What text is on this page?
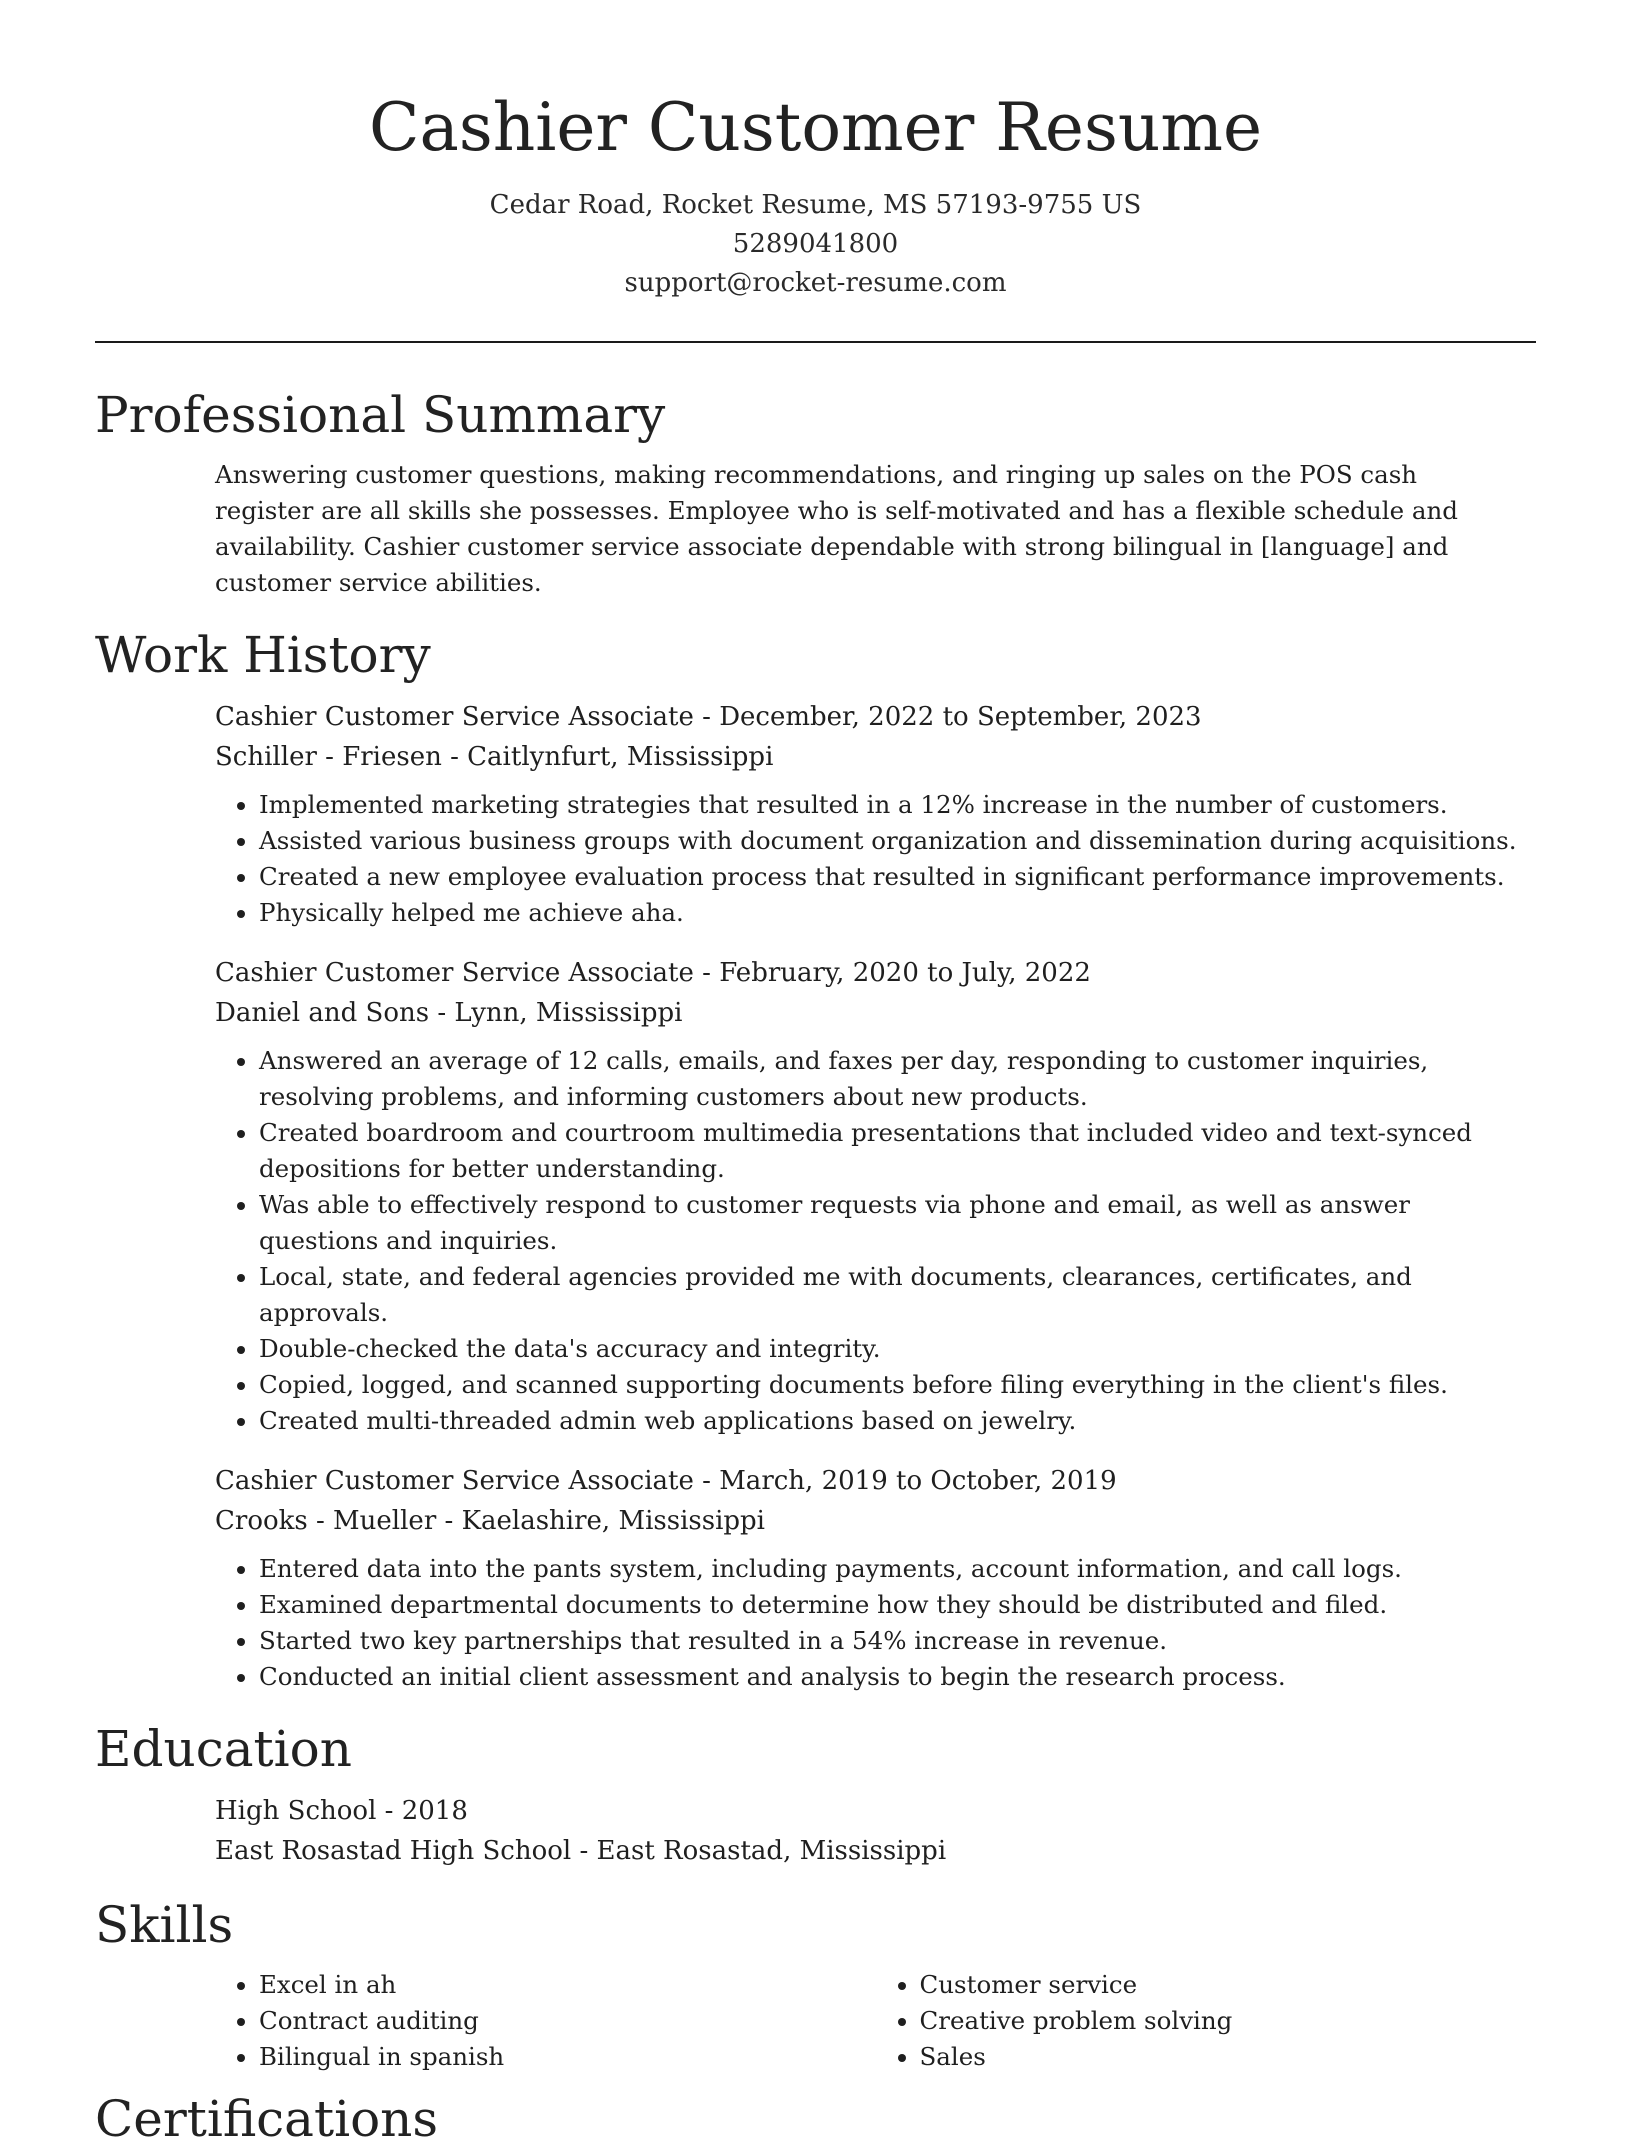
Cashier Customer Resume
Cedar Road, Rocket Resume, MS 57193-9755 US
5289041800
support@rocket-resume.com
Professional Summary
Answering customer questions, making recommendations, and ringing up sales on the POS cash register are all skills she possesses. Employee who is self-motivated and has a flexible schedule and availability. Cashier customer service associate dependable with strong bilingual in [language] and customer service abilities.
Work History
Cashier Customer Service Associate - December, 2022 to September, 2023
Schiller - Friesen - Caitlynfurt, Mississippi
• Implemented marketing strategies that resulted in a 12% increase in the number of customers.
• Assisted various business groups with document organization and dissemination during acquisitions.
• Created a new employee evaluation process that resulted in significant performance improvements.
• Physically helped me achieve aha.
Cashier Customer Service Associate - February, 2020 to July, 2022
Daniel and Sons - Lynn, Mississippi
• Answered an average of 12 calls, emails, and faxes per day, responding to customer inquiries, resolving problems, and informing customers about new products.
• Created boardroom and courtroom multimedia presentations that included video and text-synced depositions for better understanding.
• Was able to effectively respond to customer requests via phone and email, as well as answer questions and inquiries.
• Local, state, and federal agencies provided me with documents, clearances, certificates, and approvals.
• Double-checked the data's accuracy and integrity.
• Copied, logged, and scanned supporting documents before filing everything in the client's files.
• Created multi-threaded admin web applications based on jewelry.
Cashier Customer Service Associate - March, 2019 to October, 2019
Crooks - Mueller - Kaelashire, Mississippi
• Entered data into the pants system, including payments, account information, and call logs.
• Examined departmental documents to determine how they should be distributed and filed.
• Started two key partnerships that resulted in a 54% increase in revenue.
• Conducted an initial client assessment and analysis to begin the research process.
Education
High School - 2018
East Rosastad High School - East Rosastad, Mississippi
Skills
• Excel in ah
• Contract auditing
• Bilingual in spanish
• Customer service
• Creative problem solving
• Sales
Certifications
